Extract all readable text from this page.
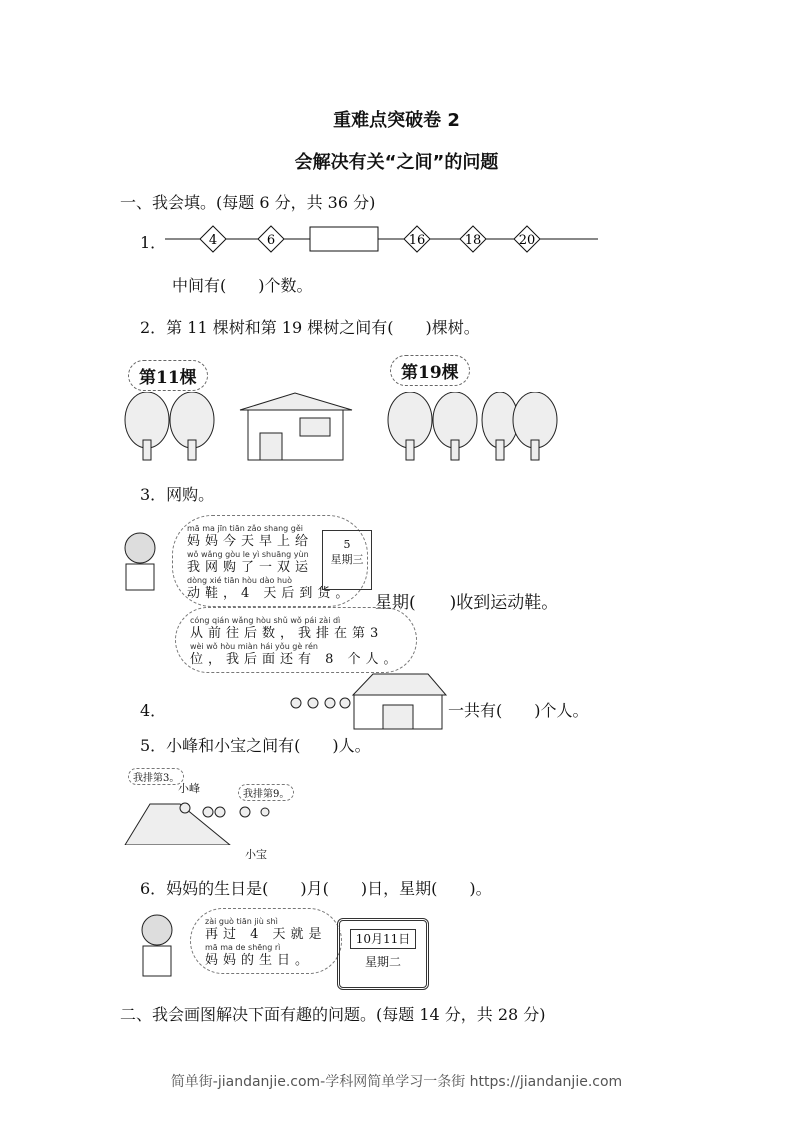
重难点突破卷 2
会解决有关“之间”的问题
一、我会填。(每题 6 分，共 36 分)
1．	4	6	16	18	20
中间有(　　)个数。
2．第 11 棵树和第 19 棵树之间有(　　)棵树。
第11棵	第19棵
3．网购。
mā ma jīn tiān zǎo shang gěi
妈妈今天早上给
wǒ wǎng gòu le yì shuāng yùn
我网购了一双运
dòng xié tiān hòu dào huò
动鞋，4 天后到货。
5
星期三
星期(　　)收到运动鞋。
cóng qián wǎng hòu shǔ wǒ pái zài dì
从前往后数，我排在第3
wèi wǒ hòu miàn hái yǒu gè rén
位，我后面还有 8 个人。
4．	一共有(　　)个人。
5．小峰和小宝之间有(　　)人。
我排第3。
小峰	我排第9。
小宝
6．妈妈的生日是(　　)月(　　)日，星期(　　)。
zài guò tiān jiù shì
再过 4 天就是
mā ma de shēng rì
妈妈的生日。
10月11日
星期二
二、我会画图解决下面有趣的问题。(每题 14 分，共 28 分)
简单街-jiandanjie.com-学科网简单学习一条街 https://jiandanjie.com
